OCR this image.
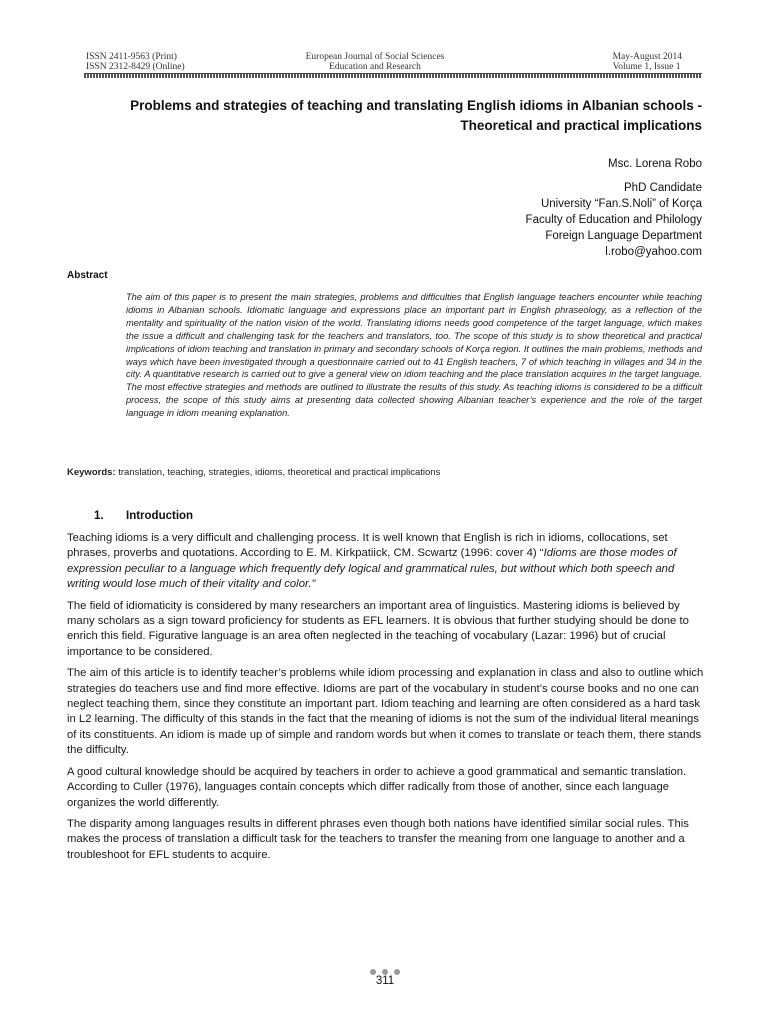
ISSN 2411-9563 (Print)
ISSN 2312-8429 (Online)
European Journal of Social Sciences
Education and Research
May-August 2014
Volume 1, Issue 1
Problems and strategies of teaching and translating English idioms in Albanian schools -
Theoretical and practical implications
Msc. Lorena Robo
PhD Candidate
University “Fan.S.Noli” of Korça
Faculty of Education and Philology
Foreign Language Department
l.robo@yahoo.com
Abstract
The aim of this paper is to present the main strategies, problems and difficulties that English language teachers encounter while teaching idioms in Albanian schools. Idiomatic language and expressions place an important part in English phraseology, as a reflection of the mentality and spirituality of the nation vision of the world. Translating idioms needs good competence of the target language, which makes the issue a difficult and challenging task for the teachers and translators, too. The scope of this study is to show theoretical and practical implications of idiom teaching and translation in primary and secondary schools of Korça region. It outlines the main problems, methods and ways which have been investigated through a questionnaire carried out to 41 English teachers, 7 of which teaching in villages and 34 in the city. A quantitative research is carried out to give a general view on idiom teaching and the place translation acquires in the target language. The most effective strategies and methods are outlined to illustrate the results of this study. As teaching idioms is considered to be a difficult process, the scope of this study aims at presenting data collected showing Albanian teacher’s experience and the role of the target language in idiom meaning explanation.
Keywords: translation, teaching, strategies, idioms, theoretical and practical implications
1. Introduction

Teaching idioms is a very difficult and challenging process. It is well known that English is rich in idioms, collocations, set phrases, proverbs and quotations. According to E. M. Kirkpatiick, CM. Scwartz (1996: cover 4) “Idioms are those modes of expression peculiar to a language which frequently defy logical and grammatical rules, but without which both speech and writing would lose much of their vitality and color.”

The field of idiomaticity is considered by many researchers an important area of linguistics. Mastering idioms is believed by many scholars as a sign toward proficiency for students as EFL learners. It is obvious that further studying should be done to enrich this field. Figurative language is an area often neglected in the teaching of vocabulary (Lazar: 1996) but of crucial importance to be considered.

The aim of this article is to identify teacher’s problems while idiom processing and explanation in class and also to outline which strategies do teachers use and find more effective. Idioms are part of the vocabulary in student’s course books and no one can neglect teaching them, since they constitute an important part. Idiom teaching and learning are often considered as a hard task in L2 learning. The difficulty of this stands in the fact that the meaning of idioms is not the sum of the individual literal meanings of its constituents. An idiom is made up of simple and random words but when it comes to translate or teach them, there stands the difficulty.

A good cultural knowledge should be acquired by teachers in order to achieve a good grammatical and semantic translation. According to Culler (1976), languages contain concepts which differ radically from those of another, since each language organizes the world differently.

The disparity among languages results in different phrases even though both nations have identified similar social rules. This makes the process of translation a difficult task for the teachers to transfer the meaning from one language to another and a troubleshoot for EFL students to acquire.

311
